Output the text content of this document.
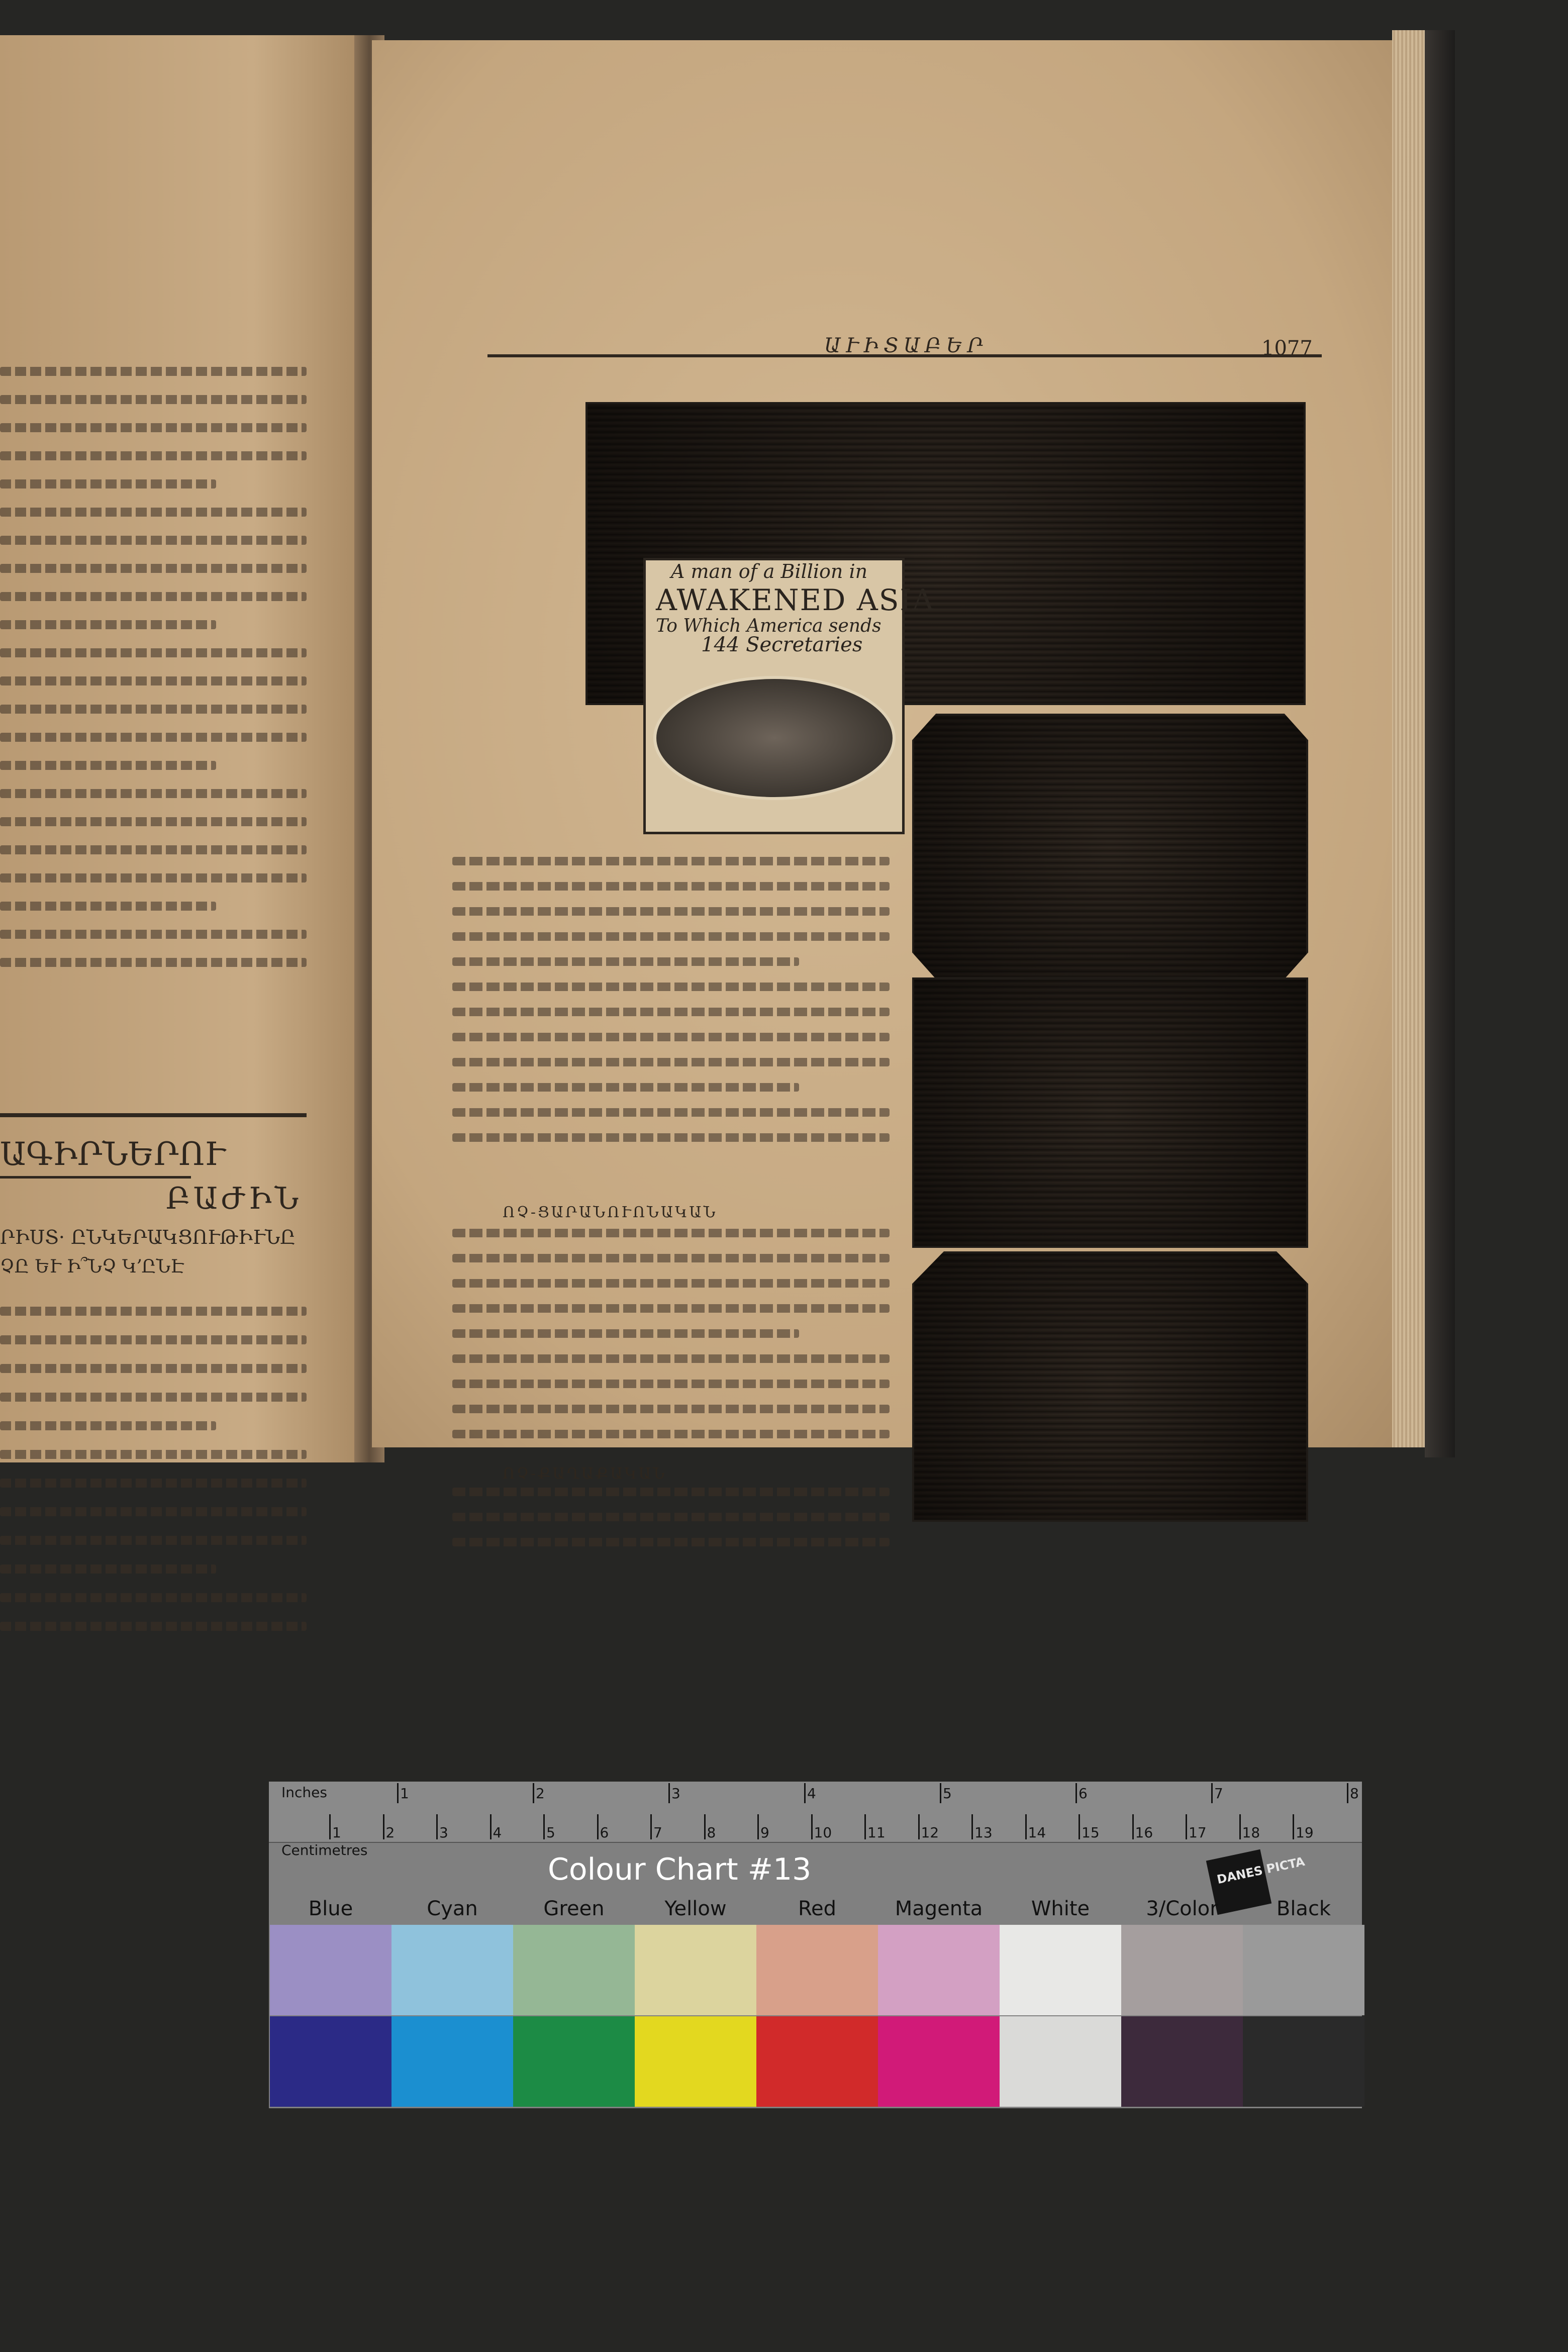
ԱԳԻՐՆԵՐՈՒ
ԲԱԺԻՆ
ՐԻՍՏ· ԸՆԿԵՐԱԿՑՈՒԹԻՒՆԸ
ՉԸ ԵՒ Ի՞ՆՉ Կ՚ԸՆԷ
ԱՒԻՏԱԲԵՐ	1077
A man of a Billion in
AWAKENED ASIA
To Which America sends
144 Secretaries
ՈՉ-ՑԱՐԱՆՈՒՈՆԱԿԱՆ
ՈՉ-ՔԱՂԱՔԱԿԱՆ
Inches
Centimetres
1	2	3	4	5	6	7	8
1	2	3	4	5	6	7	8	9	10	11	12	13	14	15	16	17	18	19
Colour Chart #13	DANES PICTA
Blue	Cyan	Green	Yellow	Red	Magenta	White	3/Color	Black
